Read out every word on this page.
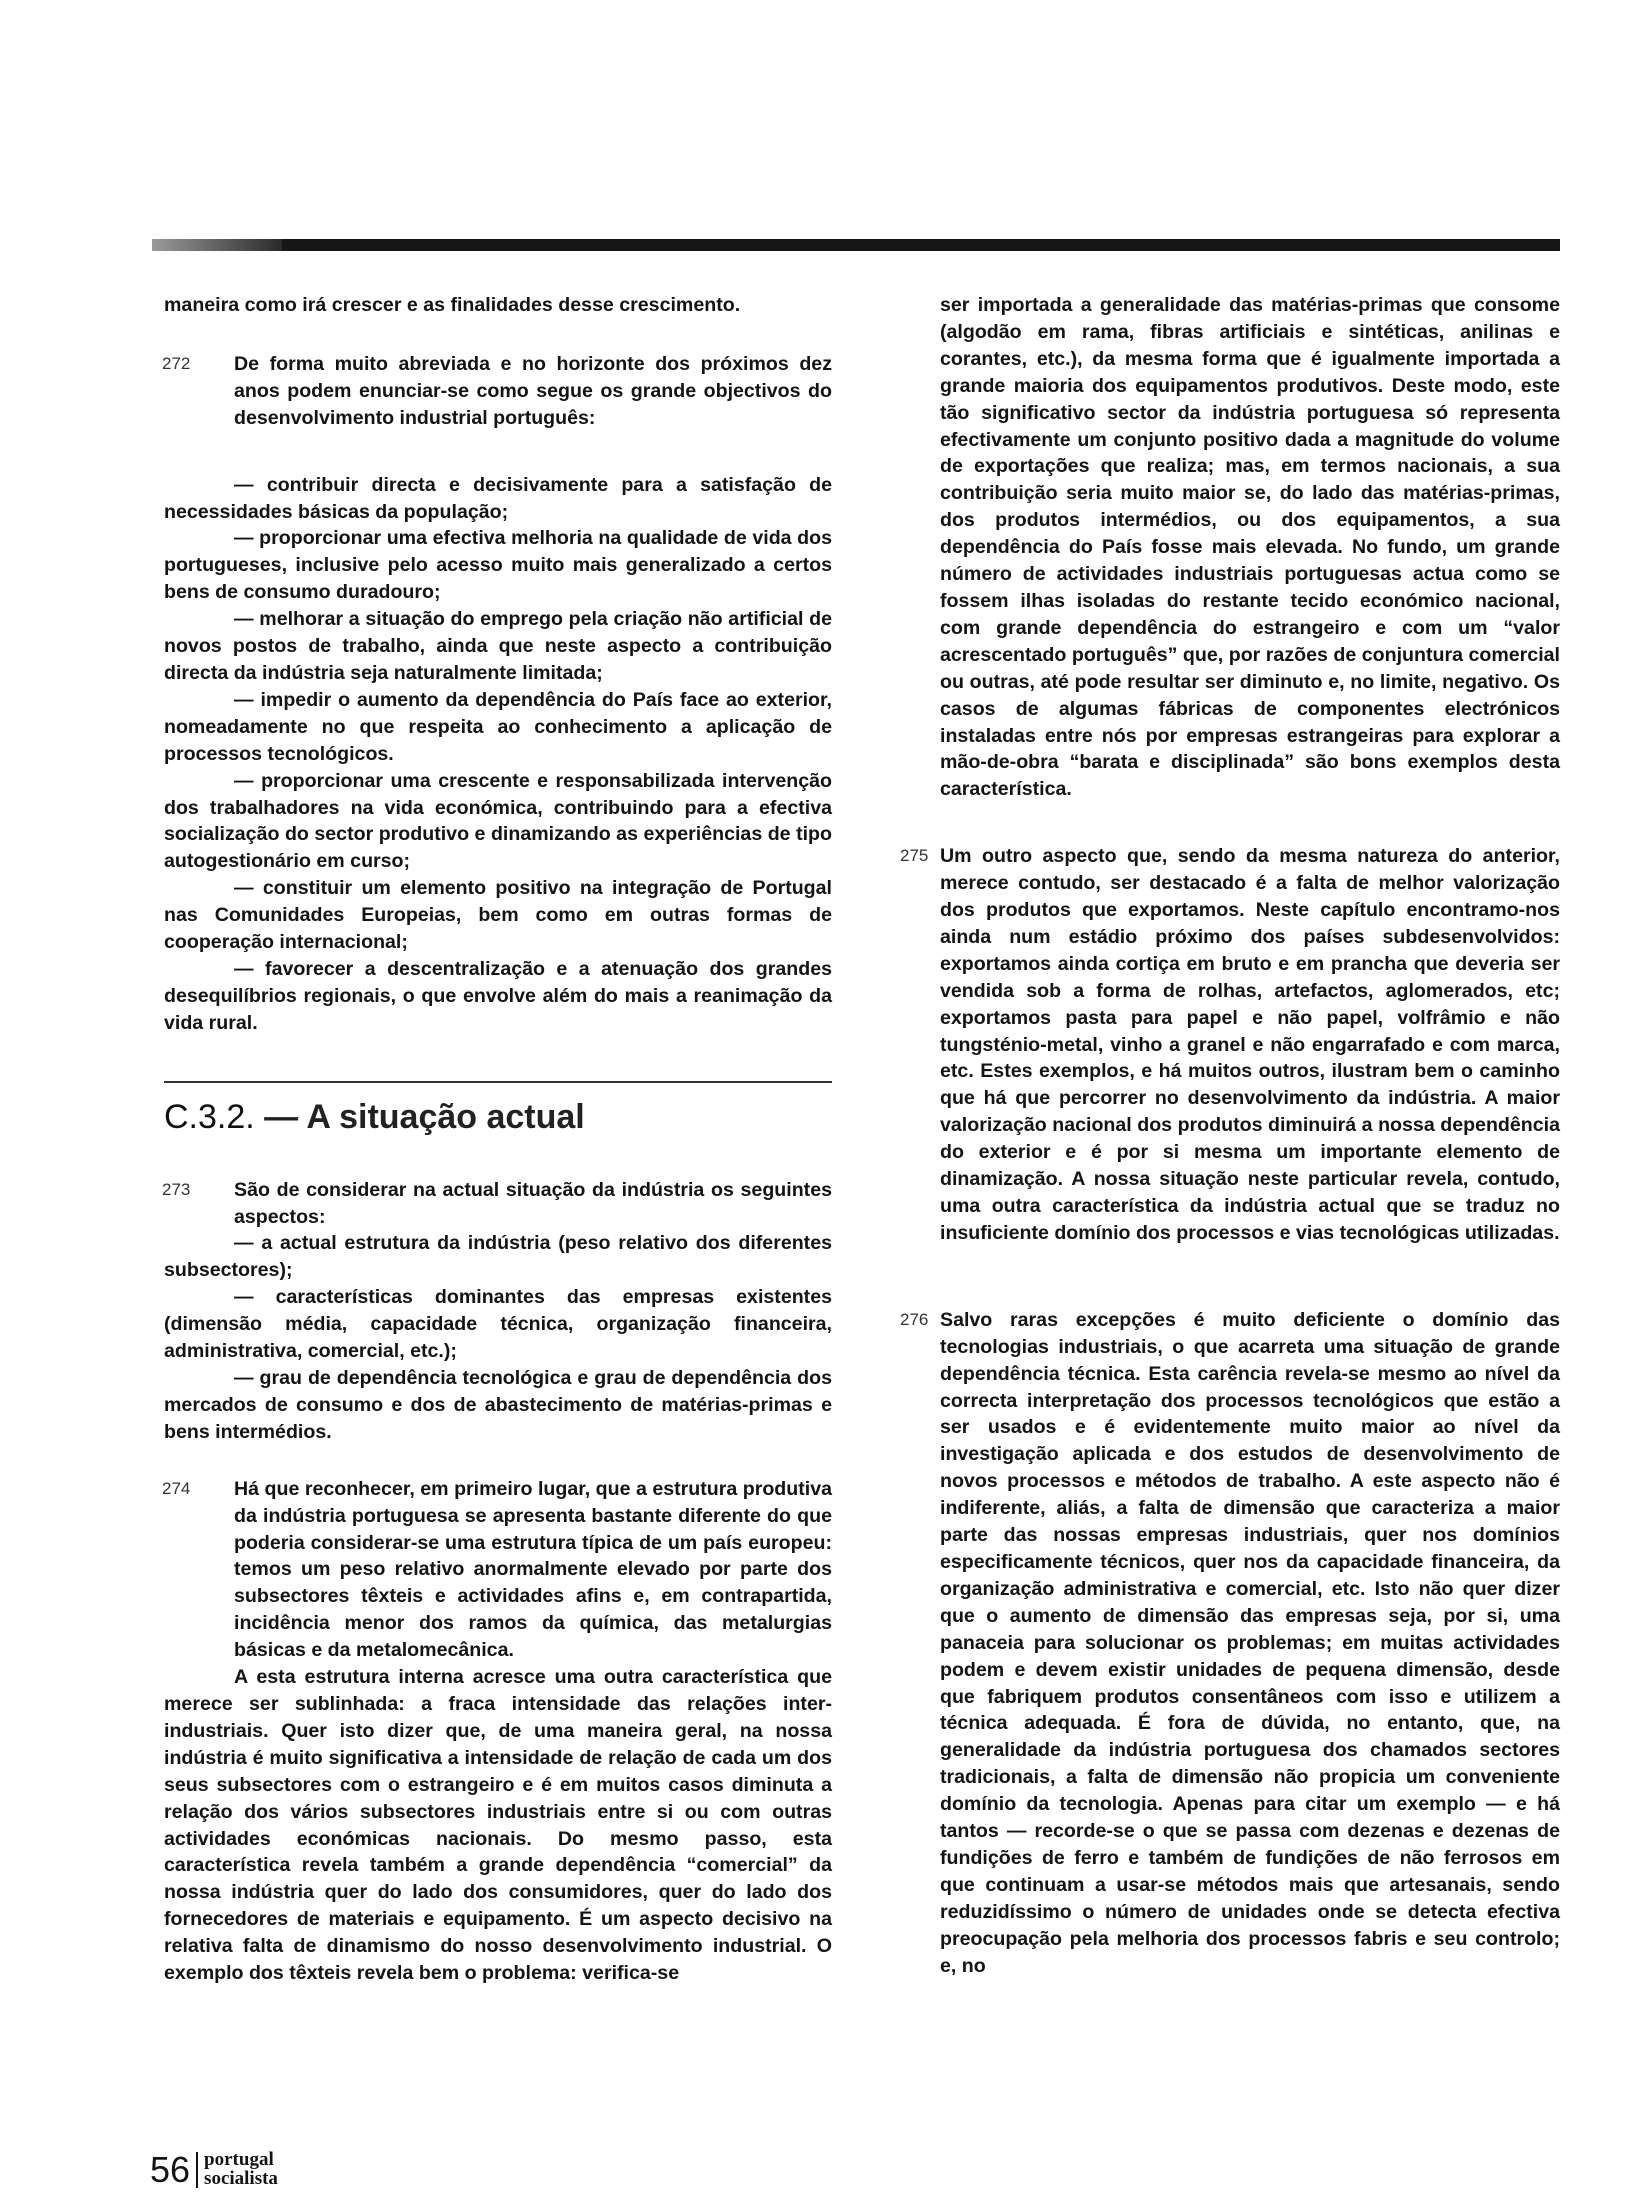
maneira como irá crescer e as finalidades desse crescimento.

272	De forma muito abreviada e no horizonte dos próximos dez anos podem enunciar-se como segue os grande objectivos do desenvolvimento industrial português:

— contribuir directa e decisivamente para a satisfação de necessidades básicas da população;

— proporcionar uma efectiva melhoria na qualidade de vida dos portugueses, inclusive pelo acesso muito mais generalizado a certos bens de consumo duradouro;

— melhorar a situação do emprego pela criação não artificial de novos postos de trabalho, ainda que neste aspecto a contribuição directa da indústria seja naturalmente limitada;

— impedir o aumento da dependência do País face ao exterior, nomeadamente no que respeita ao conhecimento a aplicação de processos tecnológicos.

— proporcionar uma crescente e responsabilizada intervenção dos trabalhadores na vida económica, contribuindo para a efectiva socialização do sector produtivo e dinamizando as experiências de tipo autogestionário em curso;

— constituir um elemento positivo na integração de Portugal nas Comunidades Europeias, bem como em outras formas de cooperação internacional;

— favorecer a descentralização e a atenuação dos grandes desequilíbrios regionais, o que envolve além do mais a reanimação da vida rural.

C.3.2. — A situação actual
273	São de considerar na actual situação da indústria os seguintes aspectos:

— a actual estrutura da indústria (peso relativo dos diferentes subsectores);

— características dominantes das empresas existentes (dimensão média, capacidade técnica, organização financeira, administrativa, comercial, etc.);

— grau de dependência tecnológica e grau de dependência dos mercados de consumo e dos de abastecimento de matérias-primas e bens intermédios.

274	Há que reconhecer, em primeiro lugar, que a estrutura produtiva da indústria portuguesa se apresenta bastante diferente do que poderia considerar-se uma estrutura típica de um país europeu: temos um peso relativo anormalmente elevado por parte dos subsectores têxteis e actividades afins e, em contrapartida, incidência menor dos ramos da química, das metalurgias básicas e da metalomecânica.

A esta estrutura interna acresce uma outra característica que merece ser sublinhada: a fraca intensidade das relações inter-industriais. Quer isto dizer que, de uma maneira geral, na nossa indústria é muito significativa a intensidade de relação de cada um dos seus subsectores com o estrangeiro e é em muitos casos diminuta a relação dos vários subsectores industriais entre si ou com outras actividades económicas nacionais. Do mesmo passo, esta característica revela também a grande dependência “comercial” da nossa indústria quer do lado dos consumidores, quer do lado dos fornecedores de materiais e equipamento. É um aspecto decisivo na relativa falta de dinamismo do nosso desenvolvimento industrial. O exemplo dos têxteis revela bem o problema: verifica-se

ser importada a generalidade das matérias-primas que consome (algodão em rama, fibras artificiais e sintéticas, anilinas e corantes, etc.), da mesma forma que é igualmente importada a grande maioria dos equipamentos produtivos. Deste modo, este tão significativo sector da indústria portuguesa só representa efectivamente um conjunto positivo dada a magnitude do volume de exportações que realiza; mas, em termos nacionais, a sua contribuição seria muito maior se, do lado das matérias-primas, dos produtos intermédios, ou dos equipamentos, a sua dependência do País fosse mais elevada. No fundo, um grande número de actividades industriais portuguesas actua como se fossem ilhas isoladas do restante tecido económico nacional, com grande dependência do estrangeiro e com um “valor acrescentado português” que, por razões de conjuntura comercial ou outras, até pode resultar ser diminuto e, no limite, negativo. Os casos de algumas fábricas de componentes electrónicos instaladas entre nós por empresas estrangeiras para explorar a mão-de-obra “barata e disciplinada” são bons exemplos desta característica.

275 Um outro aspecto que, sendo da mesma natureza do anterior, merece contudo, ser destacado é a falta de melhor valorização dos produtos que exportamos. Neste capítulo encontramo-nos ainda num estádio próximo dos países subdesenvolvidos: exportamos ainda cortiça em bruto e em prancha que deveria ser vendida sob a forma de rolhas, artefactos, aglomerados, etc; exportamos pasta para papel e não papel, volfrâmio e não tungsténio-metal, vinho a granel e não engarrafado e com marca, etc. Estes exemplos, e há muitos outros, ilustram bem o caminho que há que percorrer no desenvolvimento da indústria. A maior valorização nacional dos produtos diminuirá a nossa dependência do exterior e é por si mesma um importante elemento de dinamização. A nossa situação neste particular revela, contudo, uma outra característica da indústria actual que se traduz no insuficiente domínio dos processos e vias tecnológicas utilizadas.

276 Salvo raras excepções é muito deficiente o domínio das tecnologias industriais, o que acarreta uma situação de grande dependência técnica. Esta carência revela-se mesmo ao nível da correcta interpretação dos processos tecnológicos que estão a ser usados e é evidentemente muito maior ao nível da investigação aplicada e dos estudos de desenvolvimento de novos processos e métodos de trabalho. A este aspecto não é indiferente, aliás, a falta de dimensão que caracteriza a maior parte das nossas empresas industriais, quer nos domínios especificamente técnicos, quer nos da capacidade financeira, da organização administrativa e comercial, etc. Isto não quer dizer que o aumento de dimensão das empresas seja, por si, uma panaceia para solucionar os problemas; em muitas actividades podem e devem existir unidades de pequena dimensão, desde que fabriquem produtos consentâneos com isso e utilizem a técnica adequada. É fora de dúvida, no entanto, que, na generalidade da indústria portuguesa dos chamados sectores tradicionais, a falta de dimensão não propicia um conveniente domínio da tecnologia. Apenas para citar um exemplo — e há tantos — recorde-se o que se passa com dezenas e dezenas de fundições de ferro e também de fundições de não ferrosos em que continuam a usar-se métodos mais que artesanais, sendo reduzidíssimo o número de unidades onde se detecta efectiva preocupação pela melhoria dos processos fabris e seu controlo; e, no

56 portugal
socialista
